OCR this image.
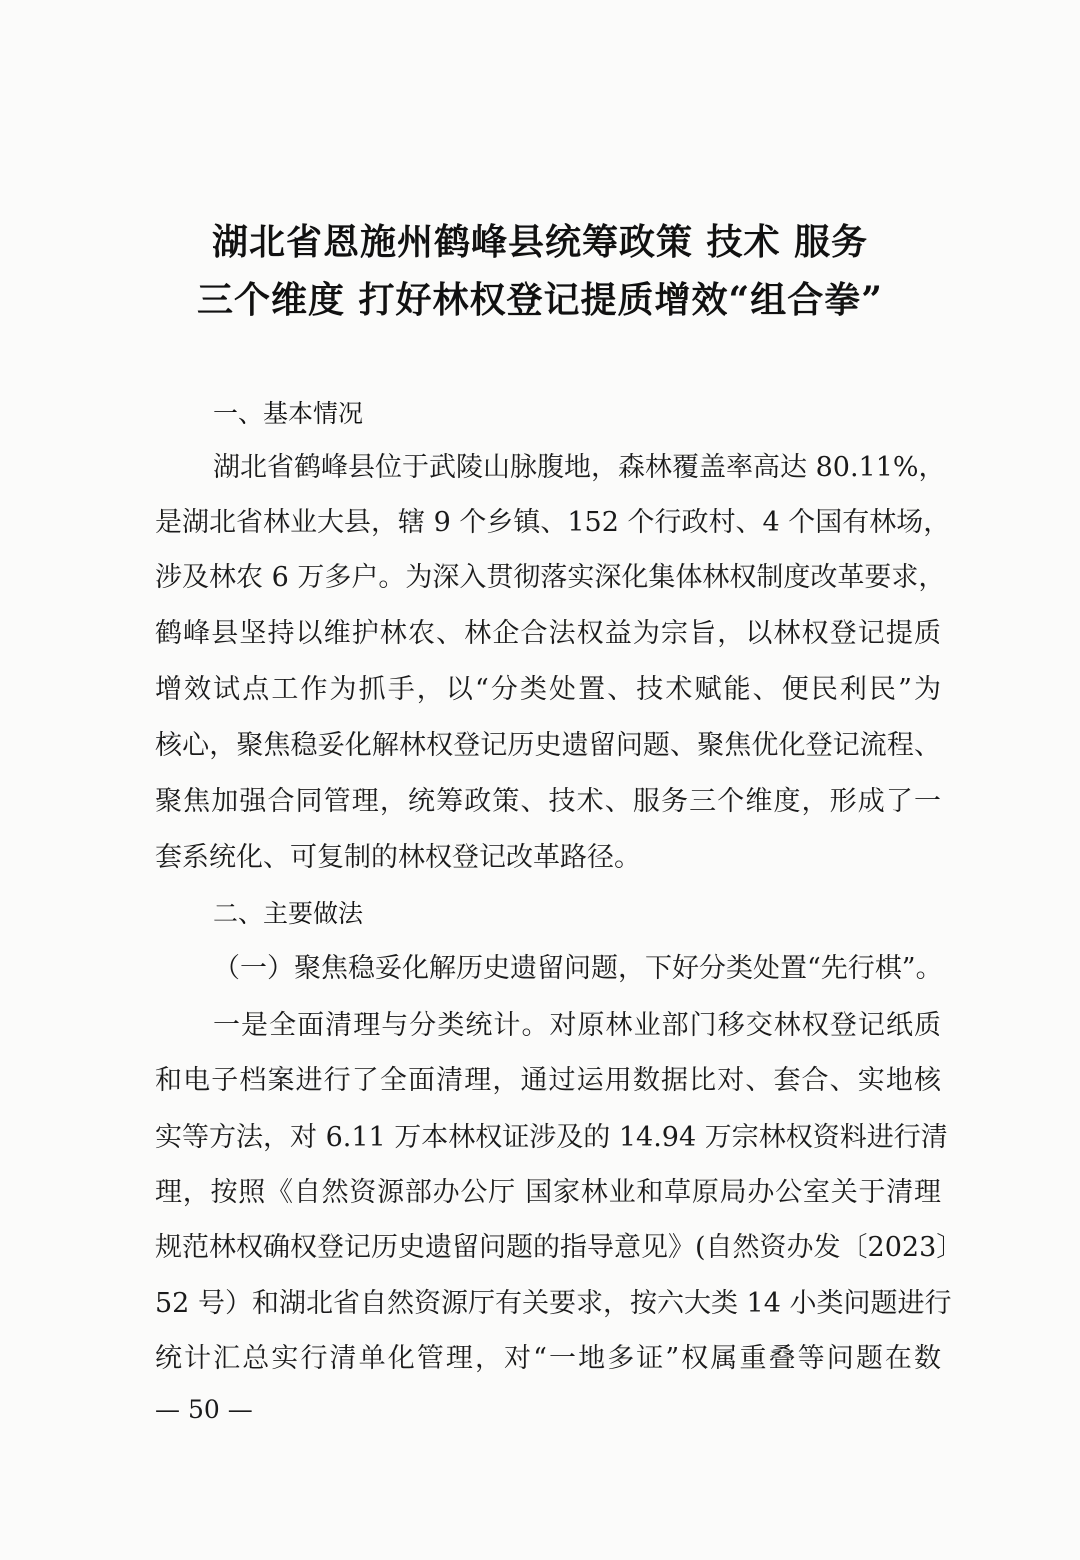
湖北省恩施州鹤峰县统筹政策 技术 服务
三个维度 打好林权登记提质增效“组合拳”
一、基本情况
湖北省鹤峰县位于武陵山脉腹地，森林覆盖率高达 80.11%，
是湖北省林业大县，辖 9 个乡镇、152 个行政村、4 个国有林场，
涉及林农 6 万多户。为深入贯彻落实深化集体林权制度改革要求，
鹤峰县坚持以维护林农、林企合法权益为宗旨，以林权登记提质
增效试点工作为抓手，以“分类处置、技术赋能、便民利民”为
核心，聚焦稳妥化解林权登记历史遗留问题、聚焦优化登记流程、
聚焦加强合同管理，统筹政策、技术、服务三个维度，形成了一
套系统化、可复制的林权登记改革路径。
二、主要做法
（一）聚焦稳妥化解历史遗留问题，下好分类处置“先行棋”。
一是全面清理与分类统计。对原林业部门移交林权登记纸质
和电子档案进行了全面清理，通过运用数据比对、套合、实地核
实等方法，对 6.11 万本林权证涉及的 14.94 万宗林权资料进行清
理，按照《自然资源部办公厅 国家林业和草原局办公室关于清理
规范林权确权登记历史遗留问题的指导意见》(自然资办发〔2023〕
52 号）和湖北省自然资源厅有关要求，按六大类 14 小类问题进行
统计汇总实行清单化管理，对“一地多证”权属重叠等问题在数
— 50 —
